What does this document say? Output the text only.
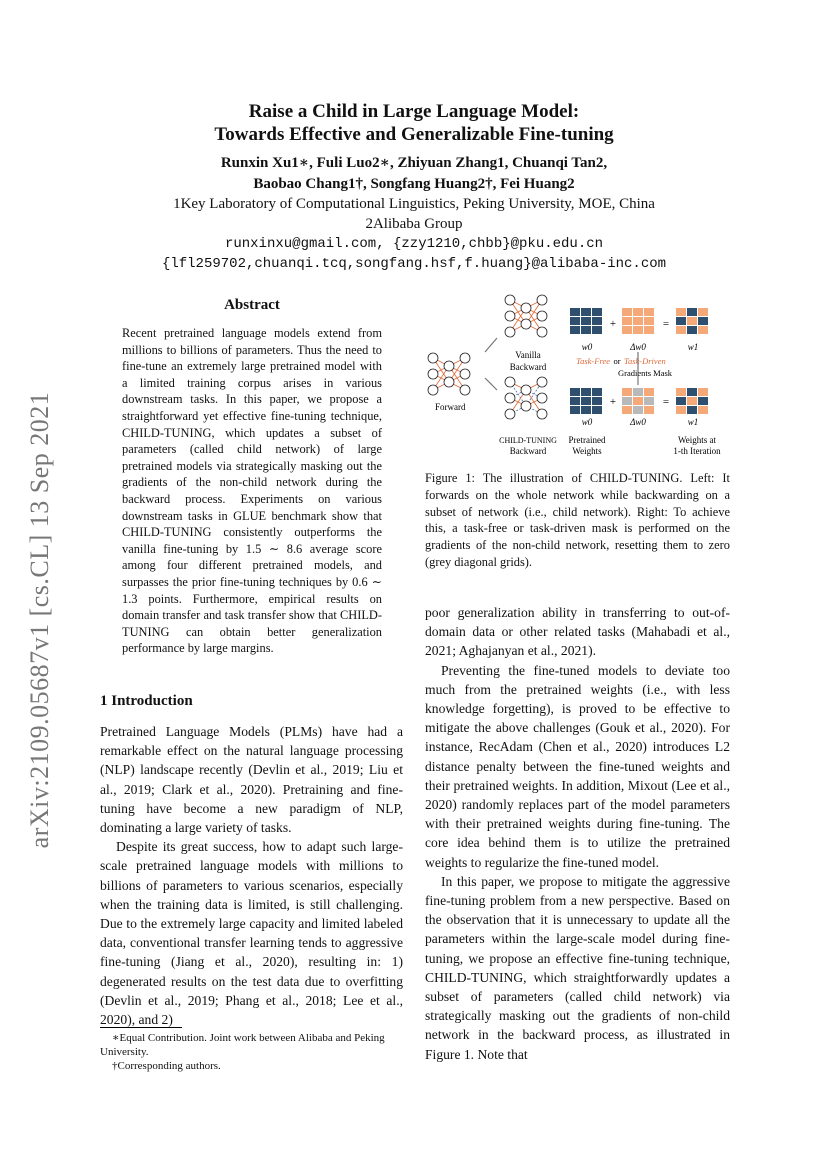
Raise a Child in Large Language Model:
Towards Effective and Generalizable Fine-tuning
Runxin Xu1∗, Fuli Luo2∗, Zhiyuan Zhang1, Chuanqi Tan2,
Baobao Chang1†, Songfang Huang2†, Fei Huang2
1Key Laboratory of Computational Linguistics, Peking University, MOE, China
2Alibaba Group
runxinxu@gmail.com, {zzy1210,chbb}@pku.edu.cn
{lfl259702,chuanqi.tcq,songfang.hsf,f.huang}@alibaba-inc.com
arXiv:2109.05687v1 [cs.CL] 13 Sep 2021
Abstract
Recent pretrained language models extend from millions to billions of parameters. Thus the need to fine-tune an extremely large pretrained model with a limited training corpus arises in various downstream tasks. In this paper, we propose a straightforward yet effective fine-tuning technique, CHILD-TUNING, which updates a subset of parameters (called child network) of large pretrained models via strategically masking out the gradients of the non-child network during the backward process. Experiments on various downstream tasks in GLUE benchmark show that CHILD-TUNING consistently outperforms the vanilla fine-tuning by 1.5 ∼ 8.6 average score among four different pretrained models, and surpasses the prior fine-tuning techniques by 0.6 ∼ 1.3 points. Furthermore, empirical results on domain transfer and task transfer show that CHILD-TUNING can obtain better generalization performance by large margins.
Forward
Vanilla
Backward
CHILD-TUNING
Backward
w0	Δw0	w1
Task-Free or Task-Driven
Gradients Mask
w0	Δw0	w1
Pretrained
Weights
Weights at
1-th Iteration
+	=
+	=
Figure 1: The illustration of CHILD-TUNING. Left: It forwards on the whole network while backwarding on a subset of network (i.e., child network). Right: To achieve this, a task-free or task-driven mask is performed on the gradients of the non-child network, resetting them to zero (grey diagonal grids).
1 Introduction

Pretrained Language Models (PLMs) have had a remarkable effect on the natural language processing (NLP) landscape recently (Devlin et al., 2019; Liu et al., 2019; Clark et al., 2020). Pretraining and fine-tuning have become a new paradigm of NLP, dominating a large variety of tasks.

Despite its great success, how to adapt such large-scale pretrained language models with millions to billions of parameters to various scenarios, especially when the training data is limited, is still challenging. Due to the extremely large capacity and limited labeled data, conventional transfer learning tends to aggressive fine-tuning (Jiang et al., 2020), resulting in: 1) degenerated results on the test data due to overfitting (Devlin et al., 2019; Phang et al., 2018; Lee et al., 2020), and 2)

poor generalization ability in transferring to out-of-domain data or other related tasks (Mahabadi et al., 2021; Aghajanyan et al., 2021).

Preventing the fine-tuned models to deviate too much from the pretrained weights (i.e., with less knowledge forgetting), is proved to be effective to mitigate the above challenges (Gouk et al., 2020). For instance, RecAdam (Chen et al., 2020) introduces L2 distance penalty between the fine-tuned weights and their pretrained weights. In addition, Mixout (Lee et al., 2020) randomly replaces part of the model parameters with their pretrained weights during fine-tuning. The core idea behind them is to utilize the pretrained weights to regularize the fine-tuned model.

In this paper, we propose to mitigate the aggressive fine-tuning problem from a new perspective. Based on the observation that it is unnecessary to update all the parameters within the large-scale model during fine-tuning, we propose an effective fine-tuning technique, CHILD-TUNING, which straightforwardly updates a subset of parameters (called child network) via strategically masking out the gradients of non-child network in the backward process, as illustrated in Figure 1. Note that

∗Equal Contribution. Joint work between Alibaba and Peking University.

†Corresponding authors.
